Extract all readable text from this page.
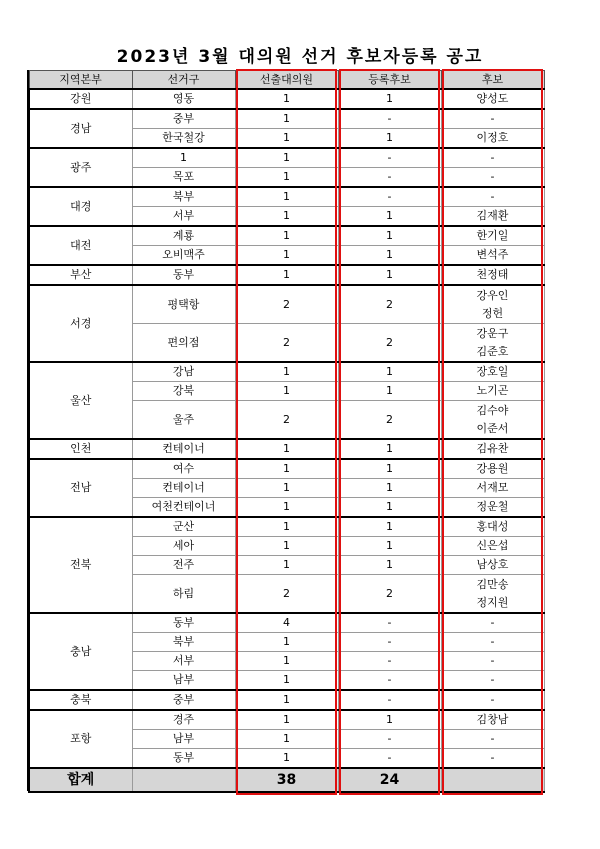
2023년 3월 대의원 선거 후보자등록 공고
지역본부	선거구	선출대의원	등록후보	후보
강원	영동	1	1	양성도

경남	중부	1	-	-

	한국철강	1	1	이정호

광주	1	1	-	-

	목포	1	-	-

대경	북부	1	-	-

	서부	1	1	김재환

대전	계룡	1	1	한기일

	오비맥주	1	1	변석주

부산	동부	1	1	천정태

서경	평택항	2	2	강우인
정헌

	편의점	2	2	강운구
김준호

울산	강남	1	1	장호일

	강북	1	1	노기곤

	울주	2	2	김수야
이준서

인천	컨테이너	1	1	김유찬

전남	여수	1	1	강용원

	컨테이너	1	1	서재모

	여천컨테이너	1	1	정운철

전북	군산	1	1	홍대성

	세아	1	1	신은섭

	전주	1	1	남상호

	하림	2	2	김만송
정지원

충남	동부	4	-	-

	북부	1	-	-

	서부	1	-	-

	남부	1	-	-

충북	중부	1	-	-

포항	경주	1	1	김창남

	남부	1	-	-

	동부	1	-	-

합계		38	24	
